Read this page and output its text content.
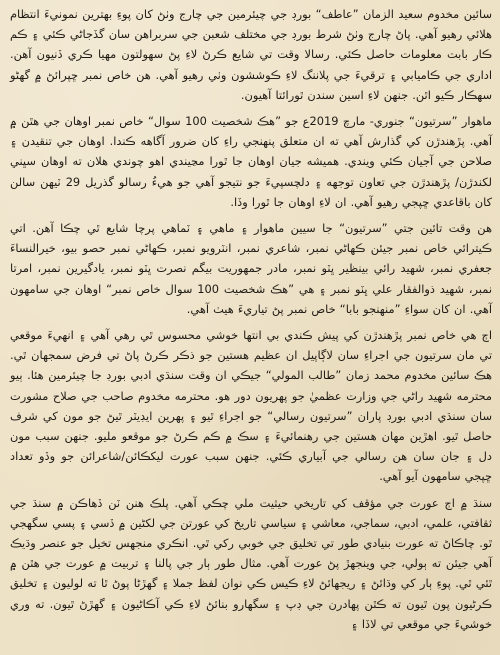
سائين مخدوم سعيد الزمان ”عاطف“ بورڊ جي چيئرمين جي چارج وٺڻ کان پوءِ بهترين نمونيءَ انتظام هلائي رهيو آهي. پاڻ چارج وٺڻ شرط بورڊ جي مختلف شعبن جي سربراهن سان گڏجاڻي ڪئي ۽ ڪم ڪار بابت معلومات حاصل ڪئي. رسالا وقت تي شايع ڪرڻ لاءِ پڻ سهولتون مهيا ڪري ڏنيون آهن. اداري جي ڪاميابي ۽ ترقيءَ جي پلاننگ لاءِ ڪوششون وٺي رهيو آهي. هن خاص نمبر ڇپرائڻ ۾ گهڻو سهڪار ڪيو اٿن. جنهن لاءِ اسين سندن ٿورائتا آهيون.

ماهوار ”سرتيون“ جنوري- مارچ 2019ع جو ”هڪ شخصيت 100 سوال“ خاص نمبر اوهان جي هٿن ۾ آهي. پڙهندڙن کي گذارش آهي ته ان متعلق پنهنجي راءِ کان ضرور آگاهه ڪندا. اوهان جي تنقيدن ۽ صلاحن جي آجيان ڪئي ويندي. هميشه جيان اوهان جا ٿورا مڃيندي اهو چوندي هلان ته اوهان سڀني لکندڙن/ پڙهندڙن جي تعاون توجهه ۽ دلچسپيءَ جو نتيجو آهي جو هيءُ رسالو گذريل 29 ٽيهن سالن کان باقاعدي ڇپجي رهيو آهي. ان لاءِ اوهان جا ٿورا وڏا.

هن وقت تائين جتي ”سرتيون“ جا سيين ماهوار ۽ ماهي ۽ ٽماهي پرچا شايع ٿي چڪا آهن. اتي ڪيترائي خاص نمبر جيئن ڪهاڻي نمبر، شاعري نمبر، انٽرويو نمبر، ڪهاڻي نمبر حصو بيو، خيرالنساءَ جعفري نمبر، شهيد رائي بينظير ڀٽو نمبر، مادر جمهوريت بيگم نصرت ڀٽو نمبر، يادگيرين نمبر، امرتا نمبر، شهيد ذوالفقار علي ڀٽو نمبر ۽ هي ”هڪ شخصيت 100 سوال خاص نمبر“ اوهان جي سامهون آهي. ان کان سواءِ ”منهنجو بابا“ خاص نمبر پڻ تياريءَ هيٺ آهي.

اڄ هي خاص نمبر پڙهندڙن کي پيش ڪندي بي انتها خوشي محسوس ٿي رهي آهي ۽ انهيءَ موقعي تي مان سرتيون جي اجراءِ سان لاڳاپيل ان عظيم هستين جو ذڪر ڪرڻ پاڻ تي فرض سمجهان ٿي. هڪ سائين مخدوم محمد زمان ”طالب المولي“ جيڪي ان وقت سنڌي ادبي بورڊ جا چيئرمين هئا. ٻيو محترمه شهيد راڻي جي وزارت عظميٰ جو پهريون دور هو. محترمه مخدوم صاحب جي صلاح مشورت سان سنڌي ادبي بورڊ پاران ”سرتيون رسالي“ جو اجراءِ ٿيو ۽ پهرين ايڊيٽر ٿيڻ جو مون کي شرف حاصل ٿيو. اهڙين مهان هستين جي رهنمائيءَ ۽ سڪ ۾ ڪم ڪرڻ جو موقعو مليو. جنهن سبب مون دل ۽ جان سان هن رسالي جي آبياري ڪئي. جنهن سبب عورت ليکڪائن/شاعرائن جو وڏو تعداد ڇپجي سامهون آيو آهي.

سنڌ ۾ اڄ عورت جي مؤقف کي تاريخي حيثيت ملي چڪي آهي. پلڪ هنن ٽن ڏهاڪن ۾ سنڌ جي ثقافتي، علمي، ادبي، سماجي، معاشي ۽ سياسي تاريخ کي عورتن جي لکڻين ۾ ڏسي ۽ پسي سگهجي ٿو. چاڪاڻ ته عورت بنيادي طور تي تخليق جي خوبي رکي ٿي. انڪري منجهس تخيل جو عنصر وڌيڪ آهي جيئن ته ٻولي، جي وينجهڙ پڻ عورت آهي. مثال طور ٻار جي پالنا ۽ تربيت ۾ عورت جي هٿن ۾ ٿئي ٿي. پوءِ ٻار کي وڌائڻ ۽ ريجهائڻ لاءِ ڪيس ڪي نوان لفظ جملا ۽ گهڙڻا پوڻ ٿا ته لوليون ۽ تخليق ڪرڻيون پون ٿيون ته ڪٿن پهادرن جي ڊپ ۽ سگهارو بنائڻ لاءِ ڪي آڪاڻيون ۽ گهڙڻ ٿيون. ته وري خوشيءَ جي موقعي تي لاڏا ۽
